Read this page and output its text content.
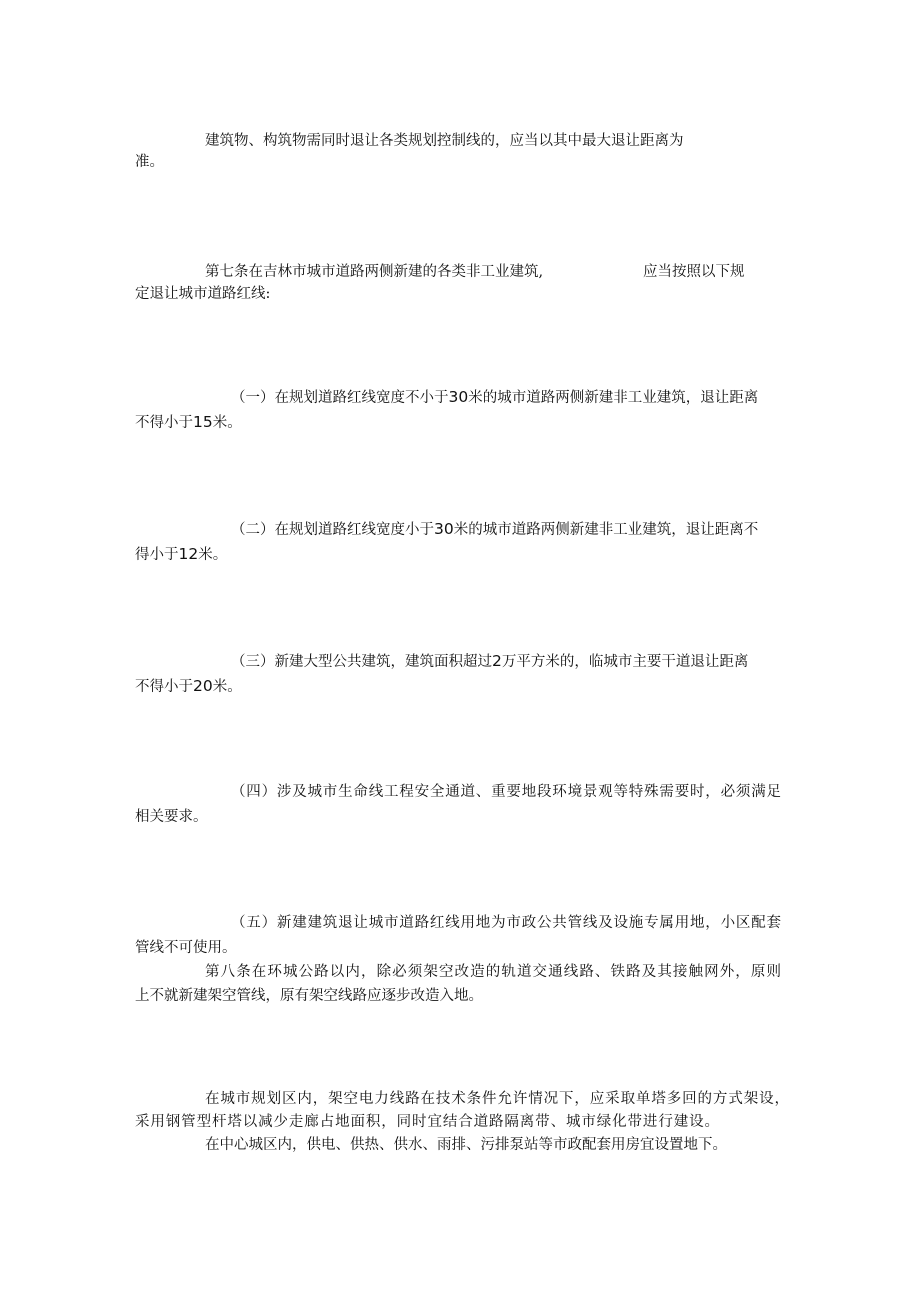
建筑物、构筑物需同时退让各类规划控制线的，应当以其中最大退让距离为
准。
第七条在吉林市城市道路两侧新建的各类非工业建筑,	应当按照以下规
定退让城市道路红线:
（一）在规划道路红线宽度不小于30米的城市道路两侧新建非工业建筑，退让距离
不得小于15米。
（二）在规划道路红线宽度小于30米的城市道路两侧新建非工业建筑，退让距离不
得小于12米。
（三）新建大型公共建筑，建筑面积超过2万平方米的，临城市主要干道退让距离
不得小于20米。
（四）涉及城市生命线工程安全通道、重要地段环境景观等特殊需要时，必须满足
相关要求。
（五）新建建筑退让城市道路红线用地为市政公共管线及设施专属用地，小区配套
管线不可使用。
第八条在环城公路以内，除必须架空改造的轨道交通线路、铁路及其接触网外，原则
上不就新建架空管线，原有架空线路应逐步改造入地。
在城市规划区内，架空电力线路在技术条件允许情况下，应采取单塔多回的方式架设，
采用钢管型杆塔以减少走廊占地面积，同时宜结合道路隔离带、城市绿化带进行建设。
在中心城区内，供电、供热、供水、雨排、污排泵站等市政配套用房宜设置地下。
